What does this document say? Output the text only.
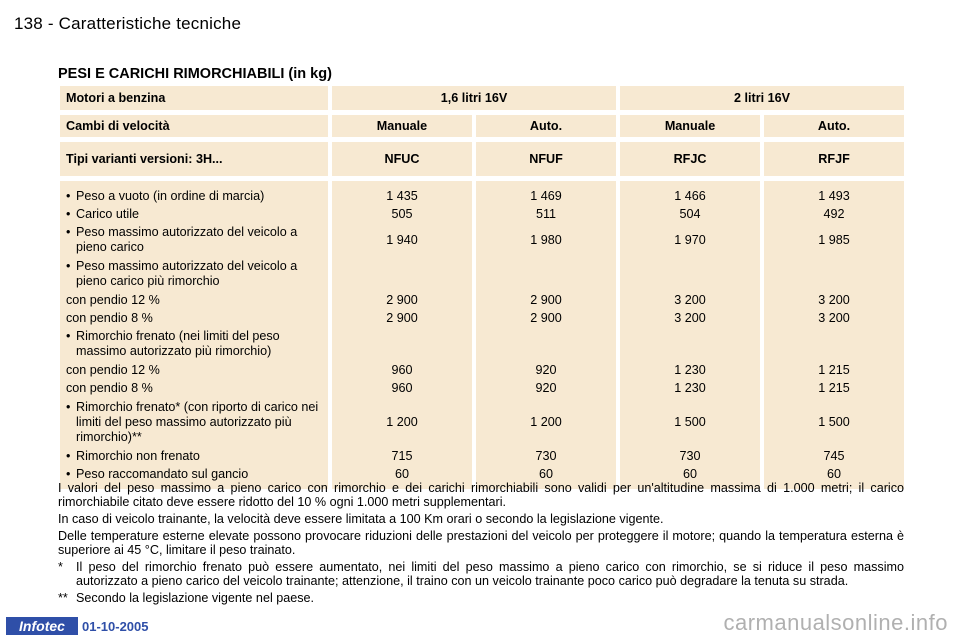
138 - Caratteristiche tecniche
PESI E CARICHI RIMORCHIABILI (in kg)
Motori a benzina	1,6 litri 16V		2 litri 16V	

Cambi di velocità	Manuale	Auto.	Manuale	Auto.

Tipi varianti versioni: 3H...	NFUC	NFUF	RFJC	RFJF

• Peso a vuoto (in ordine di marcia)	1 435	1 469	1 466	1 493

• Carico utile	505	511	504	492

• Peso massimo autorizzato del veicolo a pieno carico	1 940	1 980	1 970	1 985

• Peso massimo autorizzato del veicolo a pieno carico più rimorchio				

con pendio 12 %	2 900	2 900	3 200	3 200
con pendio 8 %	2 900	2 900	3 200	3 200

• Rimorchio frenato (nei limiti del peso massimo autorizzato più rimorchio)				

con pendio 12 %	960	920	1 230	1 215
con pendio 8 %	960	920	1 230	1 215

• Rimorchio frenato* (con riporto di carico nei limiti del peso massimo autorizzato più rimorchio)**	1 200	1 200	1 500	1 500

• Rimorchio non frenato	715	730	730	745

• Peso raccomandato sul gancio	60	60	60	60

I valori del peso massimo a pieno carico con rimorchio e dei carichi rimorchiabili sono validi per un'altitudine massima di 1.000 metri; il carico rimorchiabile citato deve essere ridotto del 10 % ogni 1.000 metri supplementari.

In caso di veicolo trainante, la velocità deve essere limitata a 100 Km orari o secondo la legislazione vigente.

Delle temperature esterne elevate possono provocare riduzioni delle prestazioni del veicolo per proteggere il motore; quando la temperatura esterna è superiore ai 45 °C, limitare il peso trainato.

*	Il peso del rimorchio frenato può essere aumentato, nei limiti del peso massimo a pieno carico con rimorchio, se si riduce il peso massimo autorizzato a pieno carico del veicolo trainante; attenzione, il traino con un veicolo trainante poco carico può degradare la tenuta su strada.
** Secondo la legislazione vigente nel paese.
Infotec	01-10-2005	carmanualsonline.info
